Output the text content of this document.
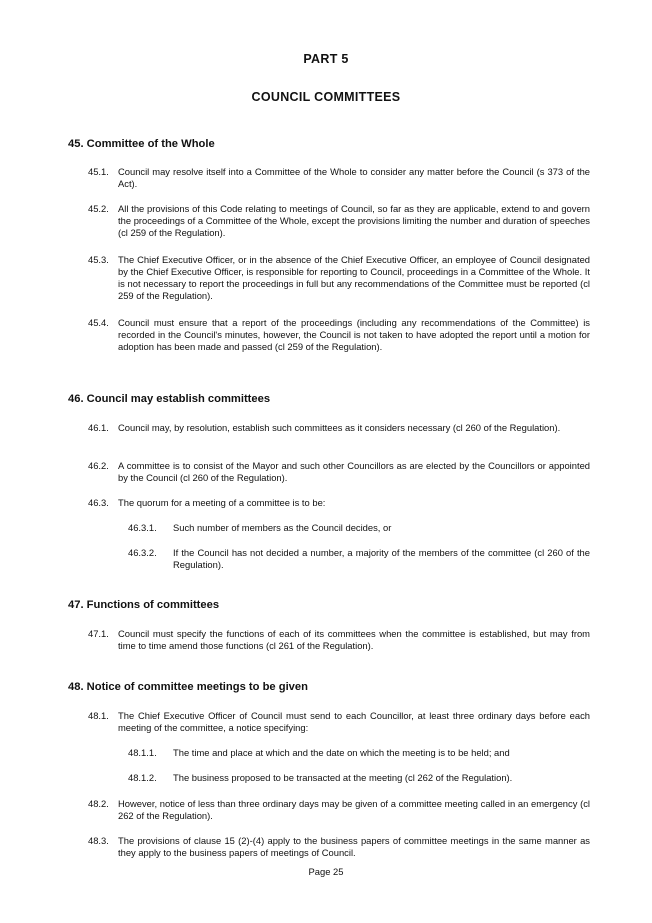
PART 5
COUNCIL COMMITTEES
45. Committee of the Whole
45.1. Council may resolve itself into a Committee of the Whole to consider any matter before the Council (s 373 of the Act).
45.2. All the provisions of this Code relating to meetings of Council, so far as they are applicable, extend to and govern the proceedings of a Committee of the Whole, except the provisions limiting the number and duration of speeches (cl 259 of the Regulation).
45.3. The Chief Executive Officer, or in the absence of the Chief Executive Officer, an employee of Council designated by the Chief Executive Officer, is responsible for reporting to Council, proceedings in a Committee of the Whole. It is not necessary to report the proceedings in full but any recommendations of the Committee must be reported (cl 259 of the Regulation).
45.4. Council must ensure that a report of the proceedings (including any recommendations of the Committee) is recorded in the Council's minutes, however, the Council is not taken to have adopted the report until a motion for adoption has been made and passed (cl 259 of the Regulation).
46. Council may establish committees
46.1. Council may, by resolution, establish such committees as it considers necessary (cl 260 of the Regulation).
46.2. A committee is to consist of the Mayor and such other Councillors as are elected by the Councillors or appointed by the Council (cl 260 of the Regulation).
46.3. The quorum for a meeting of a committee is to be:
46.3.1. Such number of members as the Council decides, or
46.3.2. If the Council has not decided a number, a majority of the members of the committee (cl 260 of the Regulation).
47. Functions of committees
47.1. Council must specify the functions of each of its committees when the committee is established, but may from time to time amend those functions (cl 261 of the Regulation).
48. Notice of committee meetings to be given
48.1. The Chief Executive Officer of Council must send to each Councillor, at least three ordinary days before each meeting of the committee, a notice specifying:
48.1.1. The time and place at which and the date on which the meeting is to be held; and
48.1.2. The business proposed to be transacted at the meeting (cl 262 of the Regulation).
48.2. However, notice of less than three ordinary days may be given of a committee meeting called in an emergency (cl 262 of the Regulation).
48.3. The provisions of clause 15 (2)-(4) apply to the business papers of committee meetings in the same manner as they apply to the business papers of meetings of Council.
Page 25
